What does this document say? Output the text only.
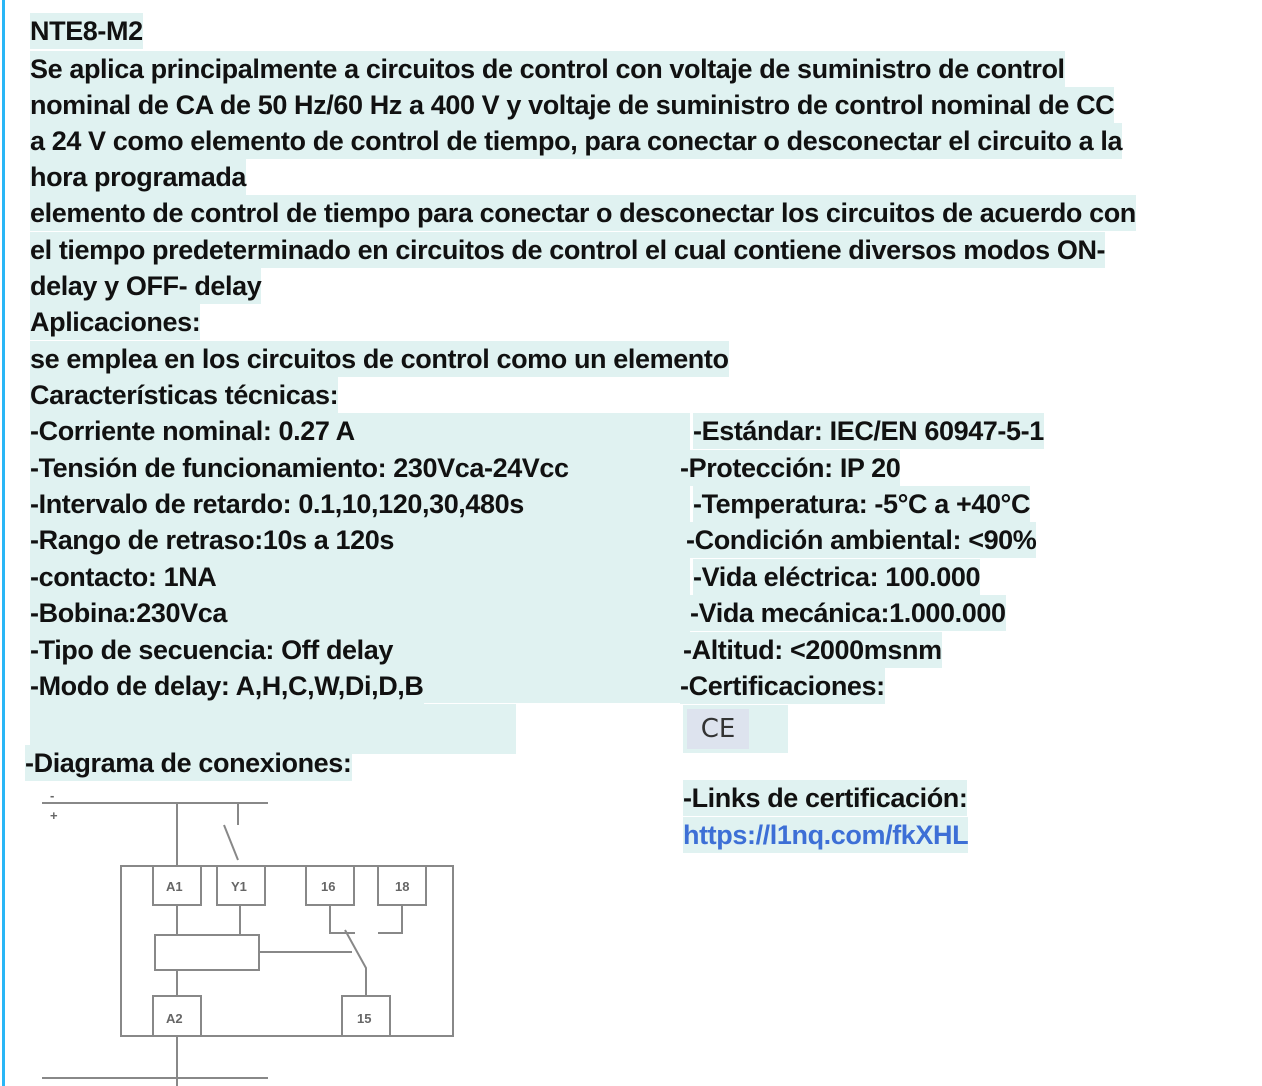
NTE8-M2
Se aplica principalmente a circuitos de control con voltaje de suministro de control
nominal de CA de 50 Hz/60 Hz a 400 V y voltaje de suministro de control nominal de CC
a 24 V como elemento de control de tiempo, para conectar o desconectar el circuito a la
hora programada
elemento de control de tiempo para conectar o desconectar los circuitos de acuerdo con
el tiempo predeterminado en circuitos de control el cual contiene diversos modos ON-
delay y OFF- delay
Aplicaciones:
se emplea en los circuitos de control como un elemento
Características técnicas:
-Corriente nominal: 0.27 A
-Tensión de funcionamiento: 230Vca-24Vcc
-Intervalo de retardo: 0.1,10,120,30,480s
-Rango de retraso:10s a 120s
-contacto: 1NA
-Bobina:230Vca
-Tipo de secuencia: Off delay
-Modo de delay: A,H,C,W,Di,D,B
-Estándar: IEC/EN 60947-5-1
-Protección: IP 20
-Temperatura: -5°C a +40°C
-Condición ambiental: <90%
-Vida eléctrica: 100.000
-Vida mecánica:1.000.000
-Altitud: <2000msnm
-Certificaciones:
CE
-Diagrama de conexiones:
-Links de certificación:
https://l1nq.com/fkXHL
-
+
A1	Y1	16	18
A2	15
